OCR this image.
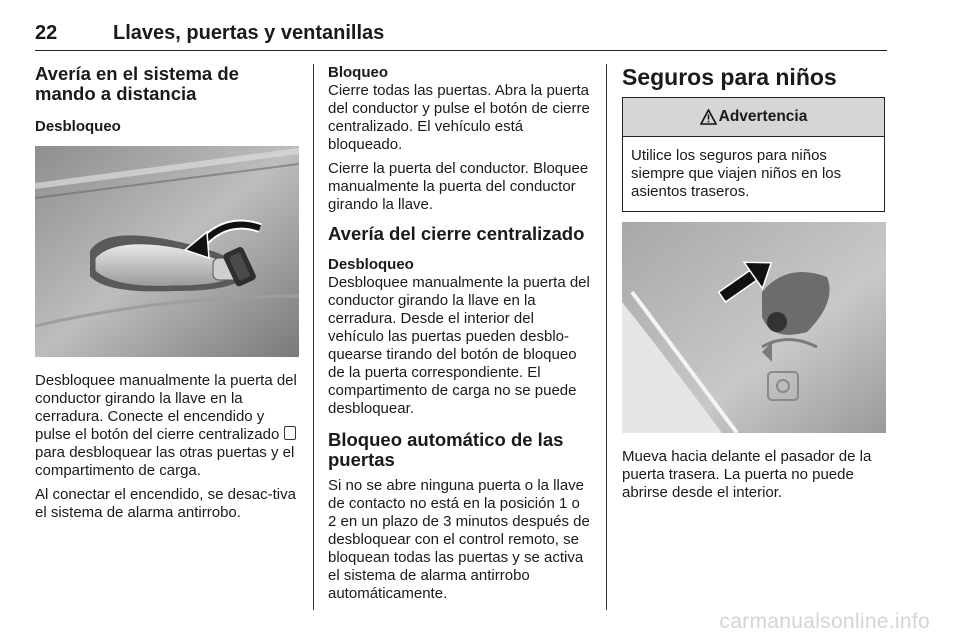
22	Llaves, puertas y ventanillas
Avería en el sistema de mando a distancia
Desbloqueo

Desbloquee manualmente la puerta del conductor girando la llave en la cerradura. Conecte el encendido y pulse el botón del cierre centralizado para desbloquear las otras puertas y el compartimento de carga.

Al conectar el encendido, se desac-tiva el sistema de alarma antirrobo.

Bloqueo

Cierre todas las puertas. Abra la puerta del conductor y pulse el botón de cierre centralizado. El vehículo está bloqueado.

Cierre la puerta del conductor. Bloquee manualmente la puerta del conductor girando la llave.

Avería del cierre centralizado
Desbloqueo

Desbloquee manualmente la puerta del conductor girando la llave en la cerradura. Desde el interior del vehículo las puertas pueden desblo-quearse tirando del botón de bloqueo de la puerta correspondiente. El compartimento de carga no se puede desbloquear.

Bloqueo automático de las puertas

Si no se abre ninguna puerta o la llave de contacto no está en la posición 1 o 2 en un plazo de 3 minutos después de desbloquear con el control remoto, se bloquean todas las puertas y se activa el sistema de alarma antirrobo automáticamente.

Seguros para niños
Advertencia

Utilice los seguros para niños siempre que viajen niños en los asientos traseros.

Mueva hacia delante el pasador de la puerta trasera. La puerta no puede abrirse desde el interior.

carmanualsonline.info
